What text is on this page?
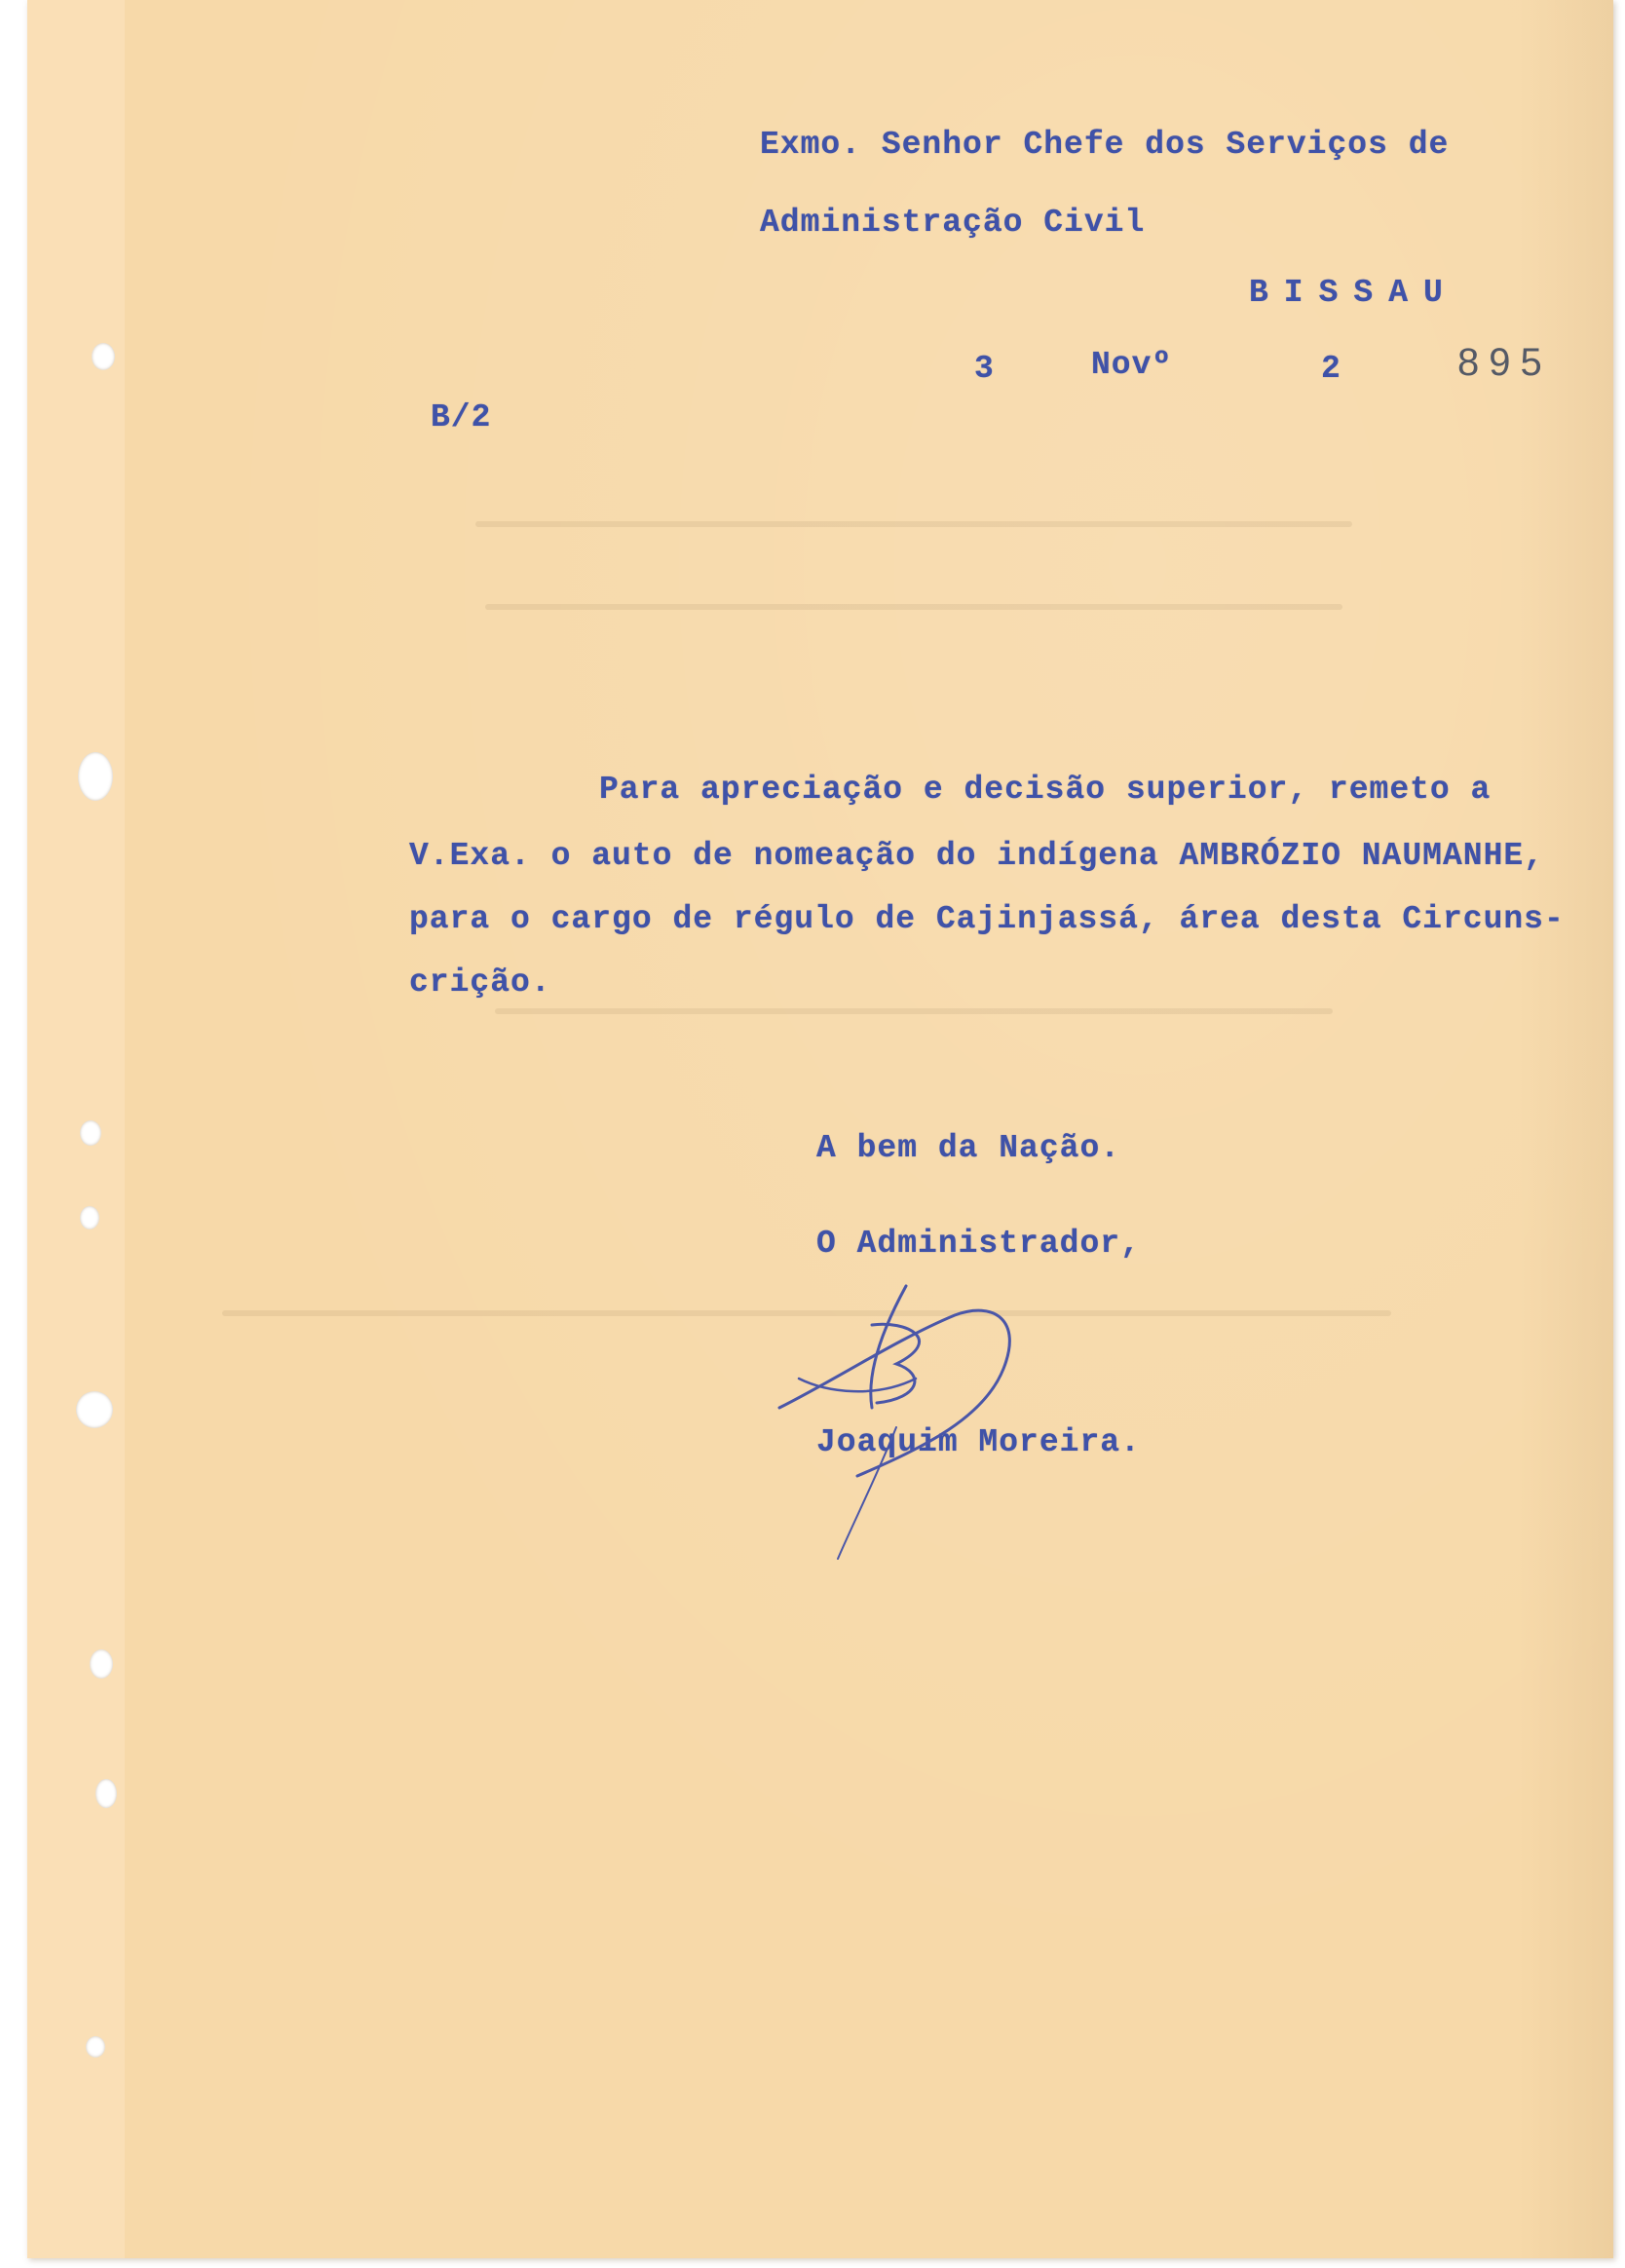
Exmo. Senhor Chefe dos Serviços de
Administração Civil
BISSAU
3	Novº	2	895
B/2
Para apreciação e decisão superior, remeto a
V.Exa. o auto de nomeação do indígena AMBRÓZIO NAUMANHE,
para o cargo de régulo de Cajinjassá, área desta Circuns-
crição.
A bem da Nação.
O Administrador,
Joaquim Moreira.
